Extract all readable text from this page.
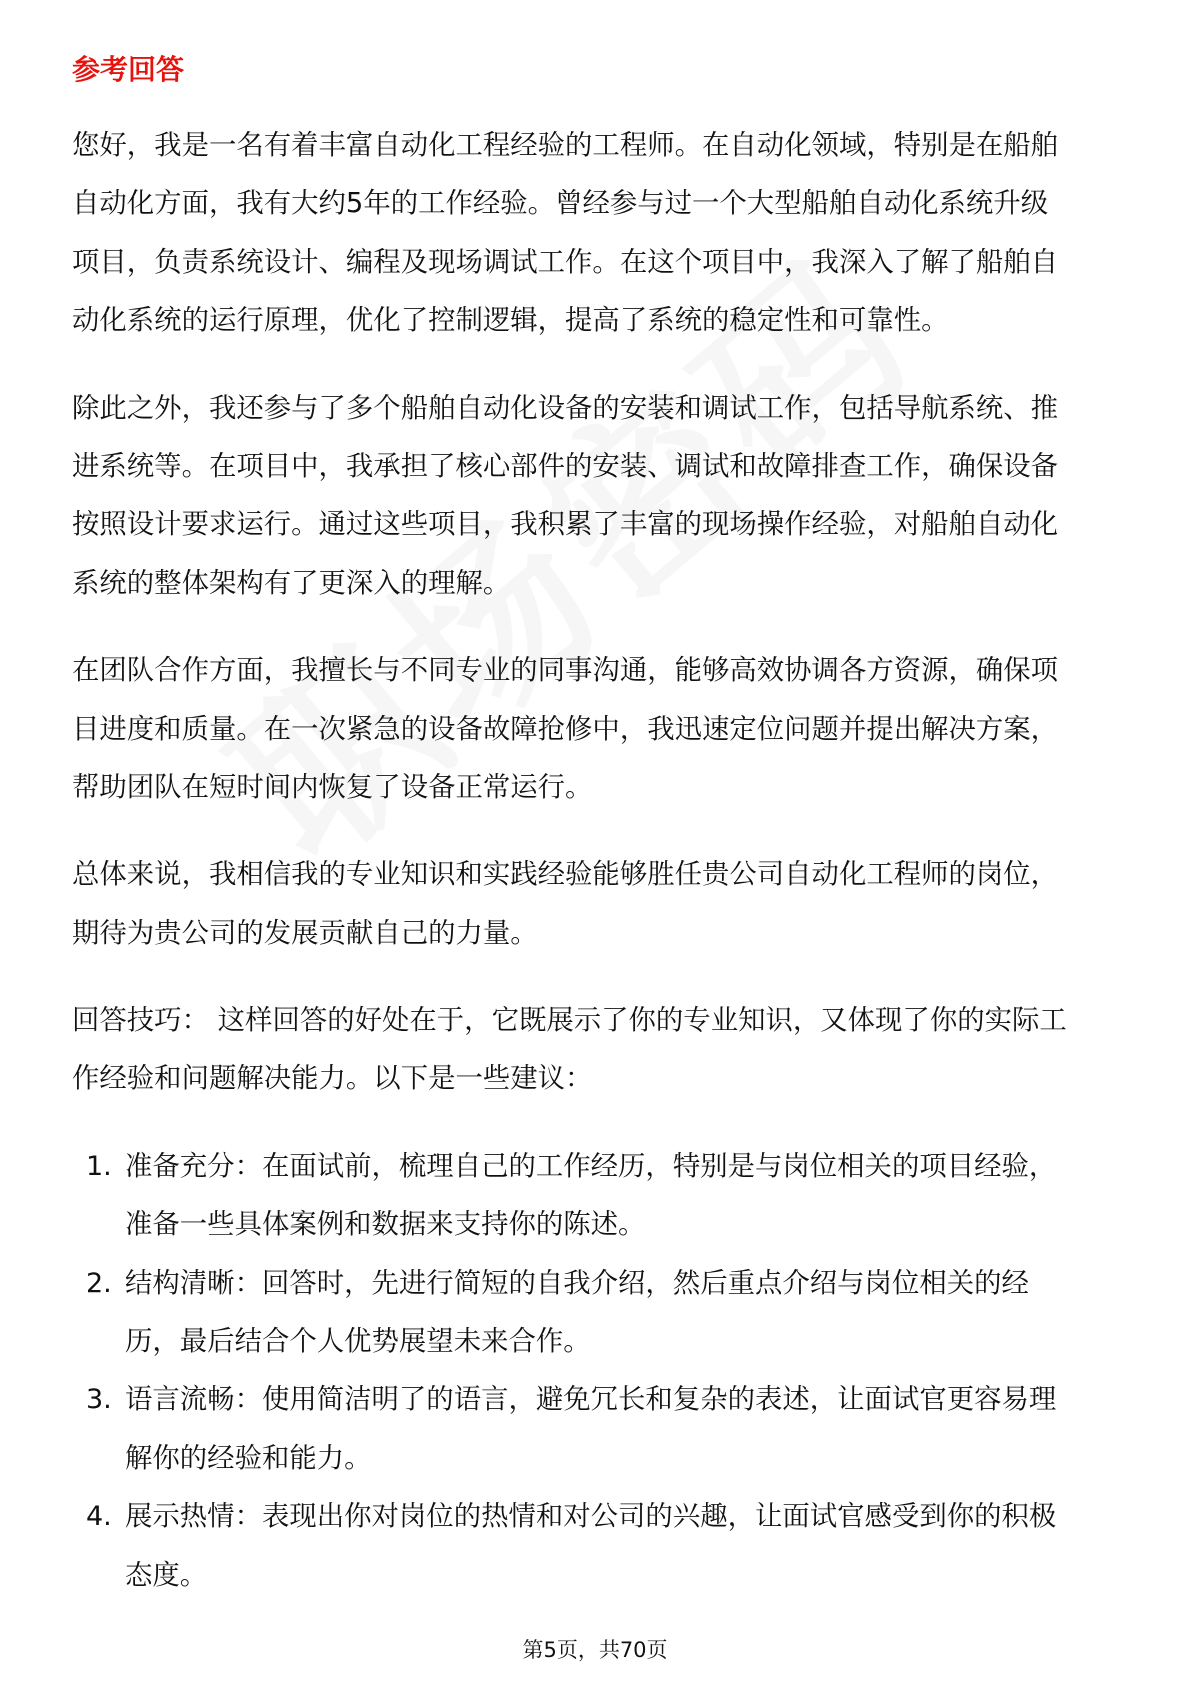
参考回答
您好，我是一名有着丰富自动化工程经验的工程师。在自动化领域，特别是在船舶
自动化方面，我有大约5年的工作经验。曾经参与过一个大型船舶自动化系统升级
项目，负责系统设计、编程及现场调试工作。在这个项目中，我深入了解了船舶自
动化系统的运行原理，优化了控制逻辑，提高了系统的稳定性和可靠性。
除此之外，我还参与了多个船舶自动化设备的安装和调试工作，包括导航系统、推
进系统等。在项目中，我承担了核心部件的安装、调试和故障排查工作，确保设备
按照设计要求运行。通过这些项目，我积累了丰富的现场操作经验，对船舶自动化
系统的整体架构有了更深入的理解。
在团队合作方面，我擅长与不同专业的同事沟通，能够高效协调各方资源，确保项
目进度和质量。在一次紧急的设备故障抢修中，我迅速定位问题并提出解决方案，
帮助团队在短时间内恢复了设备正常运行。
总体来说，我相信我的专业知识和实践经验能够胜任贵公司自动化工程师的岗位，
期待为贵公司的发展贡献自己的力量。
回答技巧： 这样回答的好处在于，它既展示了你的专业知识，又体现了你的实际工
作经验和问题解决能力。以下是一些建议：
1. 准备充分：在面试前，梳理自己的工作经历，特别是与岗位相关的项目经验，
准备一些具体案例和数据来支持你的陈述。
2. 结构清晰：回答时，先进行简短的自我介绍，然后重点介绍与岗位相关的经
历，最后结合个人优势展望未来合作。
3. 语言流畅：使用简洁明了的语言，避免冗长和复杂的表述，让面试官更容易理
解你的经验和能力。
4. 展示热情：表现出你对岗位的热情和对公司的兴趣，让面试官感受到你的积极
态度。
第5页，共70页
